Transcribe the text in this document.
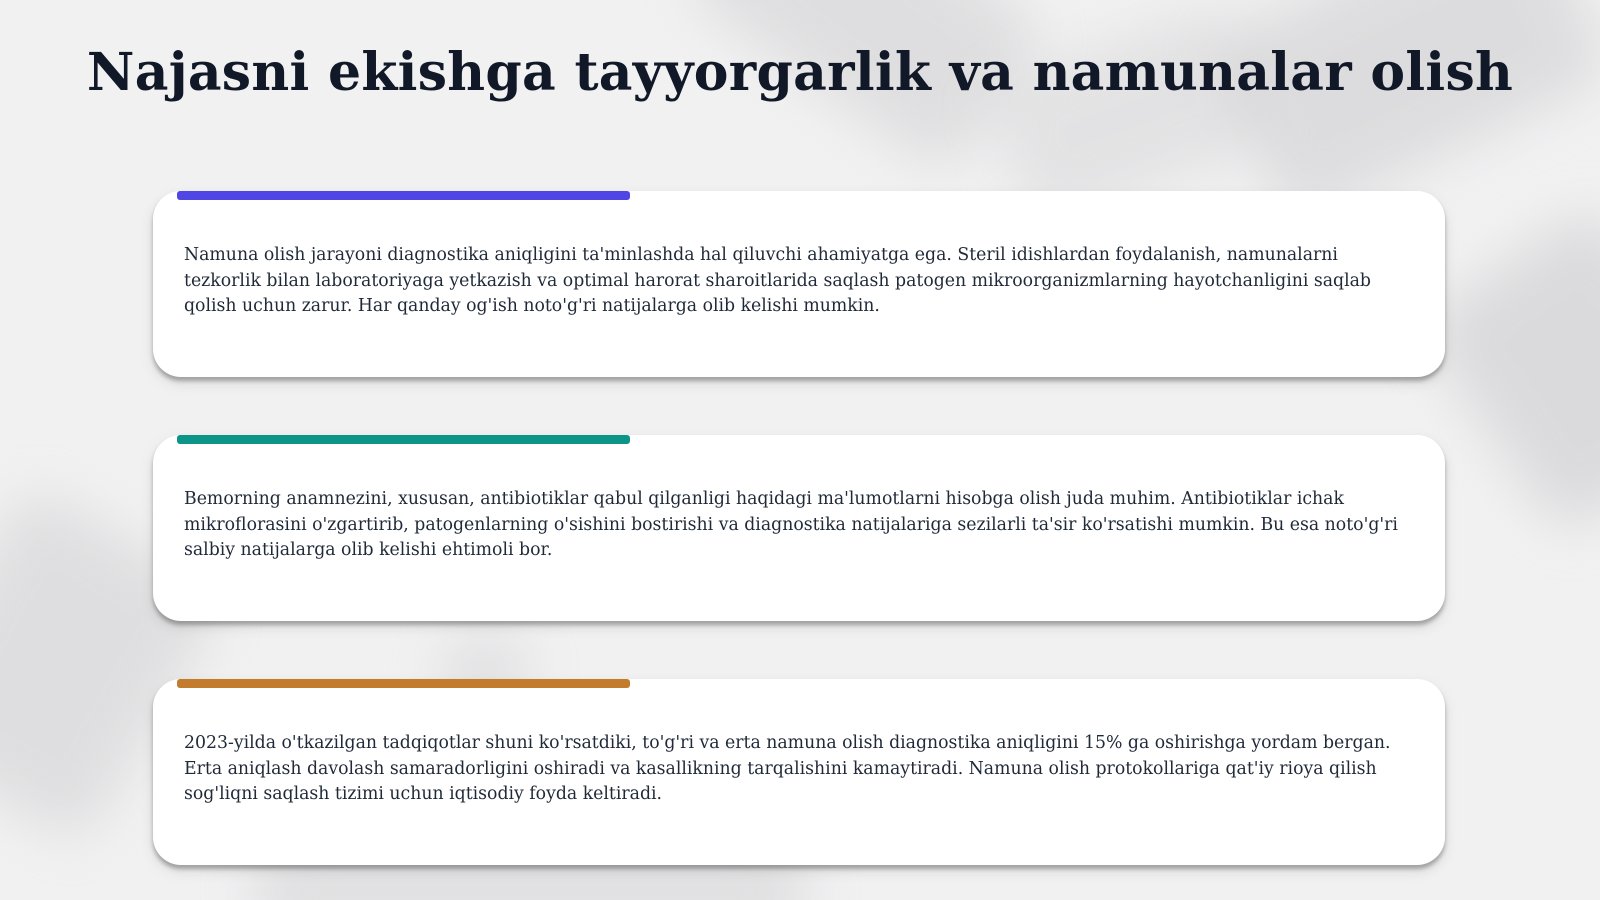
Najasni ekishga tayyorgarlik va namunalar olish

Namuna olish jarayoni diagnostika aniqligini ta'minlashda hal qiluvchi ahamiyatga ega. Steril idishlardan foydalanish, namunalarni tezkorlik bilan laboratoriyaga yetkazish va optimal harorat sharoitlarida saqlash patogen mikroorganizmlarning hayotchanligini saqlab qolish uchun zarur. Har qanday og'ish noto'g'ri natijalarga olib kelishi mumkin.

Bemorning anamnezini, xususan, antibiotiklar qabul qilganligi haqidagi ma'lumotlarni hisobga olish juda muhim. Antibiotiklar ichak mikroflorasini o'zgartirib, patogenlarning o'sishini bostirishi va diagnostika natijalariga sezilarli ta'sir ko'rsatishi mumkin. Bu esa noto'g'ri salbiy natijalarga olib kelishi ehtimoli bor.

2023-yilda o'tkazilgan tadqiqotlar shuni ko'rsatdiki, to'g'ri va erta namuna olish diagnostika aniqligini 15% ga oshirishga yordam bergan. Erta aniqlash davolash samaradorligini oshiradi va kasallikning tarqalishini kamaytiradi. Namuna olish protokollariga qat'iy rioya qilish sog'liqni saqlash tizimi uchun iqtisodiy foyda keltiradi.
